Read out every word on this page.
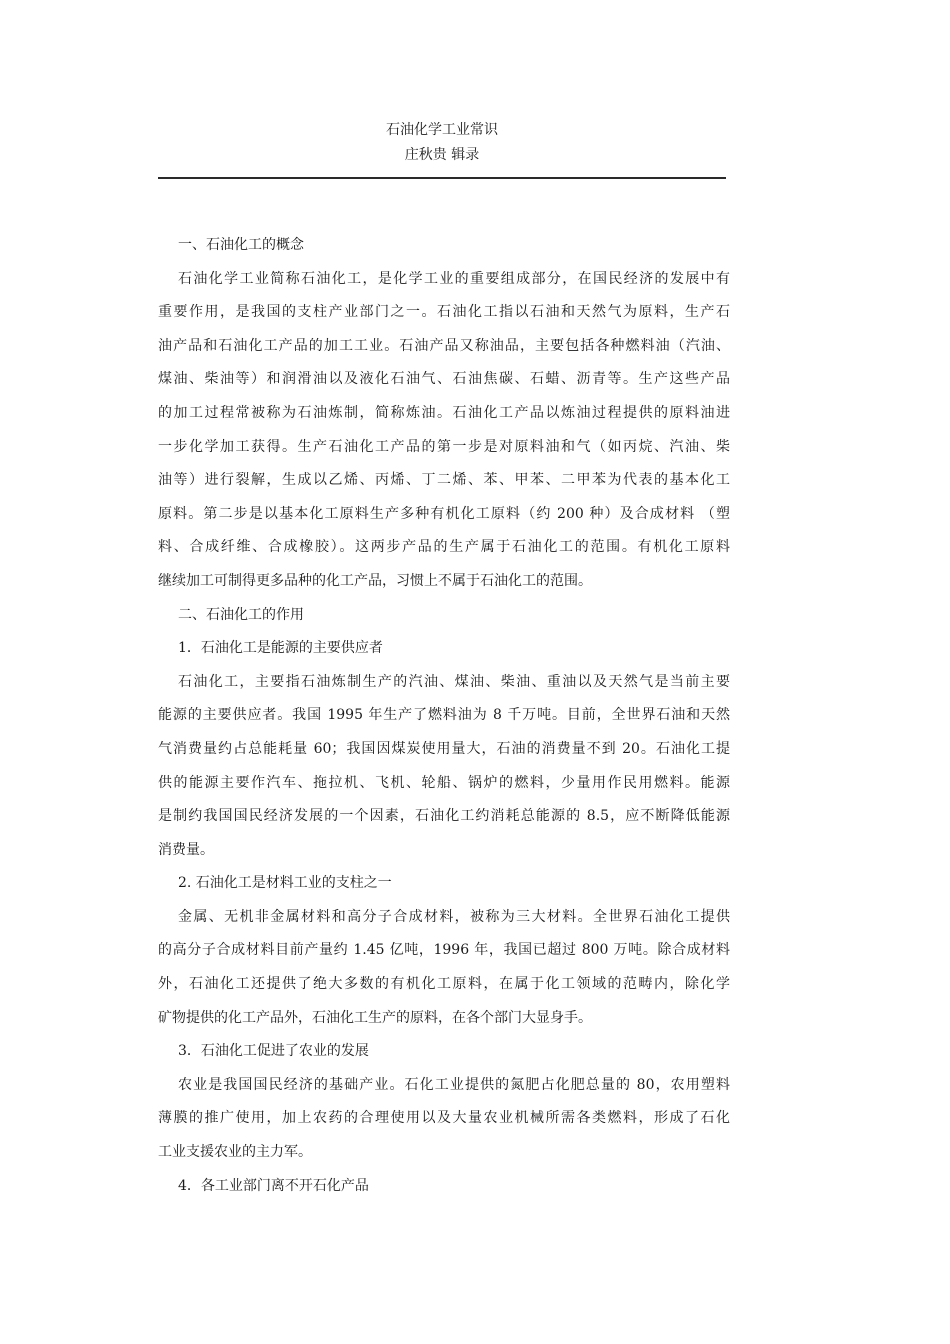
石油化学工业常识
庄秋贵 辑录

一、石油化工的概念

石油化学工业简称石油化工，是化学工业的重要组成部分，在国民经济的发展中有

重要作用，是我国的支柱产业部门之一。石油化工指以石油和天然气为原料，生产石

油产品和石油化工产品的加工工业。石油产品又称油品，主要包括各种燃料油（汽油、

煤油、柴油等）和润滑油以及液化石油气、石油焦碳、石蜡、沥青等。生产这些产品

的加工过程常被称为石油炼制，简称炼油。石油化工产品以炼油过程提供的原料油进

一步化学加工获得。生产石油化工产品的第一步是对原料油和气（如丙烷、汽油、柴

油等）进行裂解，生成以乙烯、丙烯、丁二烯、苯、甲苯、二甲苯为代表的基本化工

原料。第二步是以基本化工原料生产多种有机化工原料（约 200 种）及合成材料 （塑

料、合成纤维、合成橡胶）。这两步产品的生产属于石油化工的范围。有机化工原料

继续加工可制得更多品种的化工产品，习惯上不属于石油化工的范围。

二、石油化工的作用

1．石油化工是能源的主要供应者

石油化工，主要指石油炼制生产的汽油、煤油、柴油、重油以及天然气是当前主要

能源的主要供应者。我国 1995 年生产了燃料油为 8 千万吨。目前，全世界石油和天然

气消费量约占总能耗量 60；我国因煤炭使用量大，石油的消费量不到 20。石油化工提

供的能源主要作汽车、拖拉机、飞机、轮船、锅炉的燃料，少量用作民用燃料。能源

是制约我国国民经济发展的一个因素，石油化工约消耗总能源的 8.5，应不断降低能源

消费量。

2. 石油化工是材料工业的支柱之一

金属、无机非金属材料和高分子合成材料，被称为三大材料。全世界石油化工提供

的高分子合成材料目前产量约 1.45 亿吨，1996 年，我国已超过 800 万吨。除合成材料

外，石油化工还提供了绝大多数的有机化工原料，在属于化工领域的范畴内，除化学

矿物提供的化工产品外，石油化工生产的原料，在各个部门大显身手。

3．石油化工促进了农业的发展

农业是我国国民经济的基础产业。石化工业提供的氮肥占化肥总量的 80，农用塑料

薄膜的推广使用，加上农药的合理使用以及大量农业机械所需各类燃料，形成了石化

工业支援农业的主力军。

4．各工业部门离不开石化产品
